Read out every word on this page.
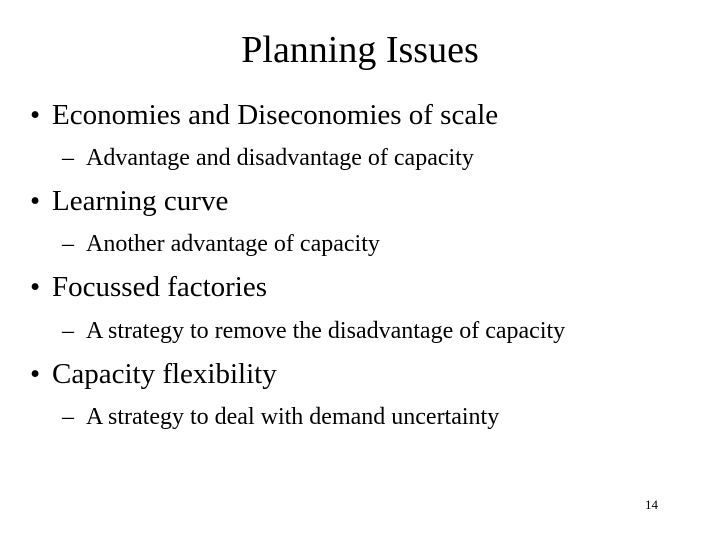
Planning Issues
• Economies and Diseconomies of scale
– Advantage and disadvantage of capacity
• Learning curve
– Another advantage of capacity
• Focussed factories
– A strategy to remove the disadvantage of capacity
• Capacity flexibility
– A strategy to deal with demand uncertainty
14
